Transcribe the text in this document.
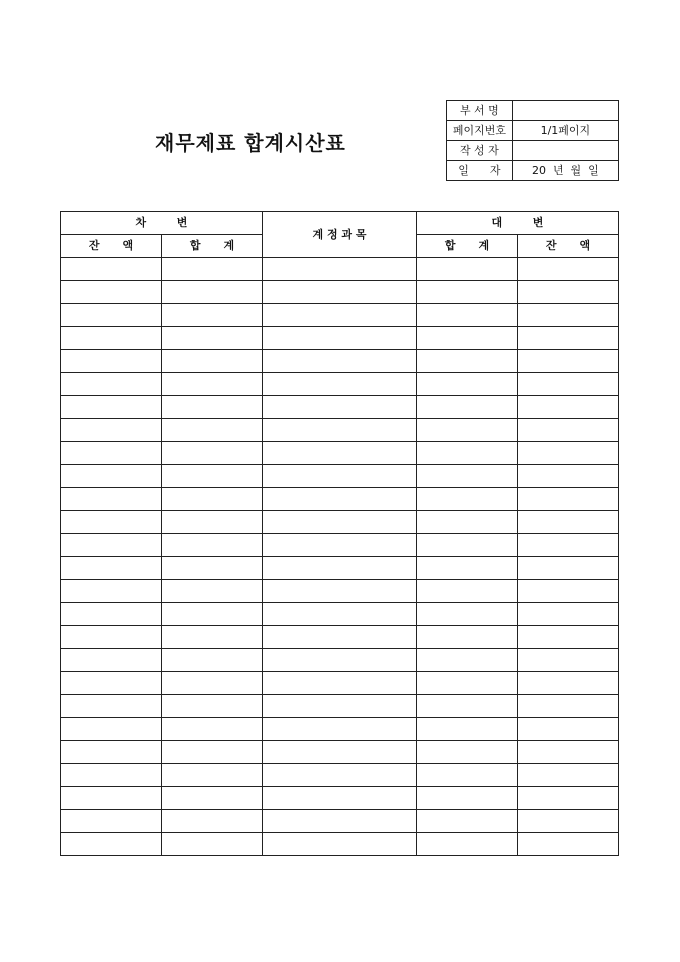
재무제표 합계시산표
부 서 명	
페이지번호	1/1페이지
작 성 자	
일      자	20  년  월  일
차        변		계 정 과 목	대        변	
잔      액	합      계		합      계	잔      액
